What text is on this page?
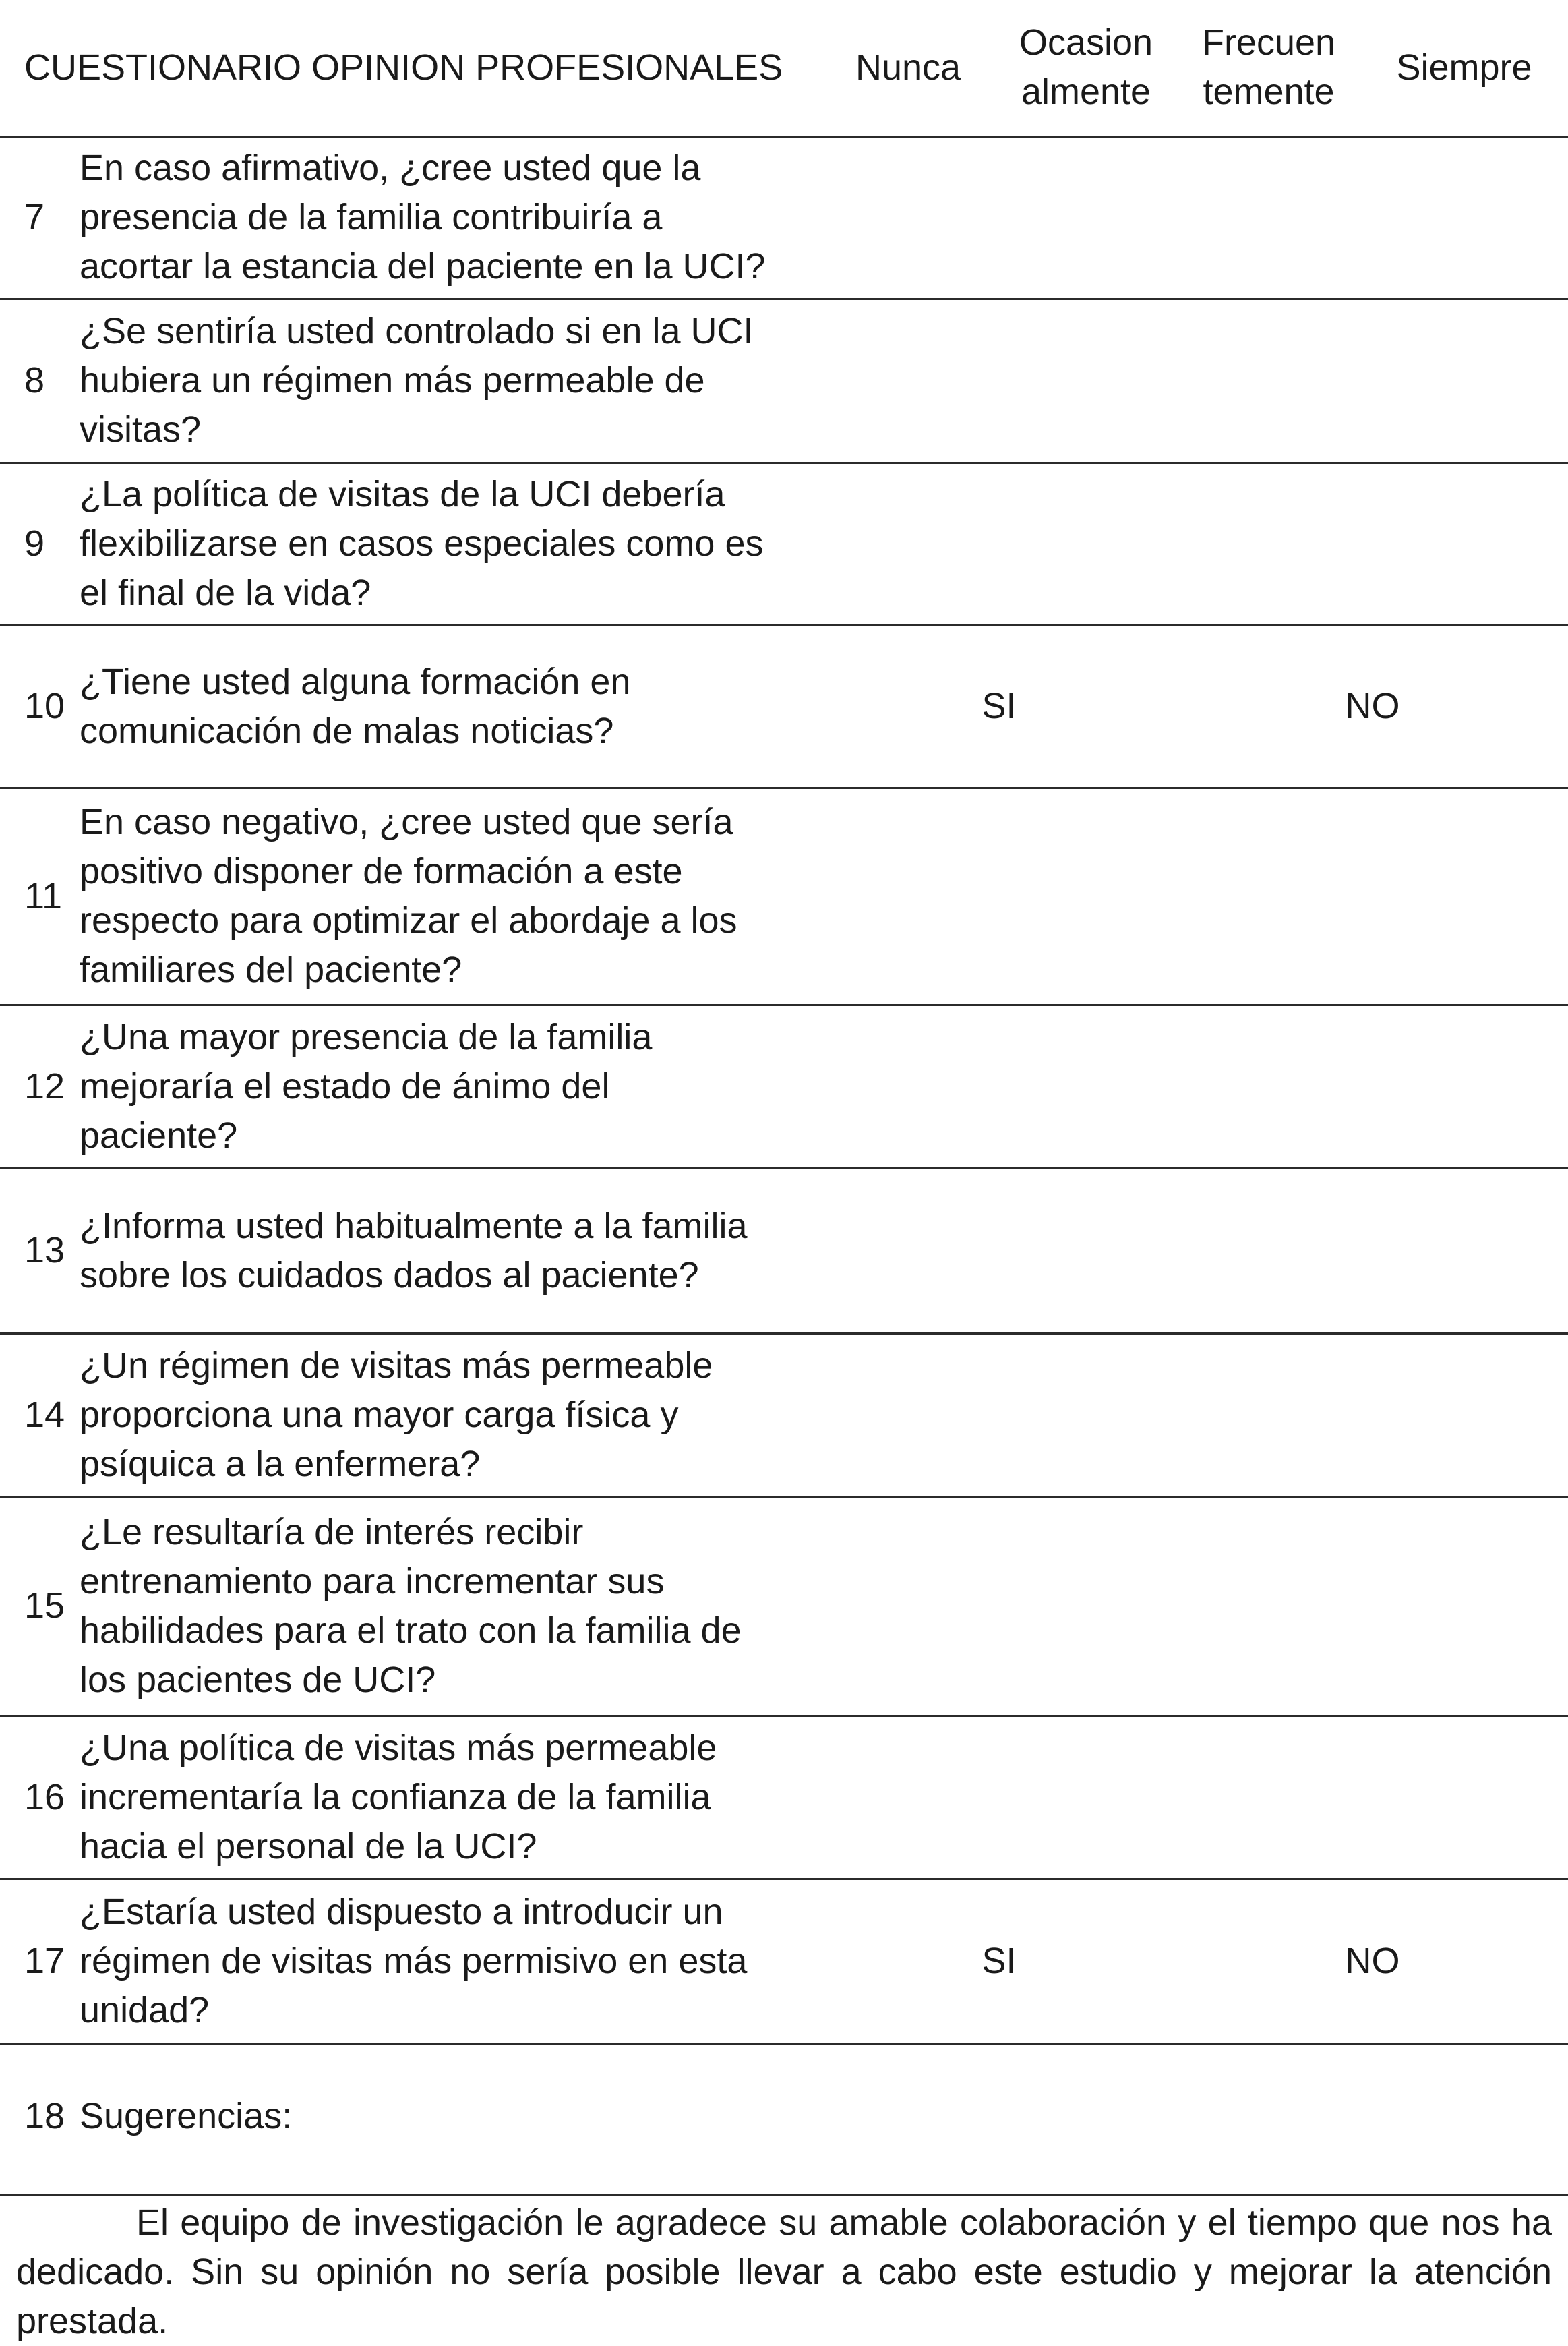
CUESTIONARIO OPINION PROFESIONALES		Nunca	Ocasion
almente	Frecuen
temente	Siempre
7	En caso afirmativo, ¿cree usted que la
presencia de la familia contribuiría a
acortar la estancia del paciente en la UCI?				
8	¿Se sentiría usted controlado si en la UCI
hubiera un régimen más permeable de
visitas?				
9	¿La política de visitas de la UCI debería
flexibilizarse en casos especiales como es
el final de la vida?				
10	¿Tiene usted alguna formación en
comunicación de malas noticias?	SI		NO	
11	En caso negativo, ¿cree usted que sería
positivo disponer de formación a este
respecto para optimizar el abordaje a los
familiares del paciente?				
12	¿Una mayor presencia de la familia
mejoraría el estado de ánimo del
paciente?				
13	¿Informa usted habitualmente a la familia
sobre los cuidados dados al paciente?				
14	¿Un régimen de visitas más permeable
proporciona una mayor carga física y
psíquica a la enfermera?				
15	¿Le resultaría de interés recibir
entrenamiento para incrementar sus
habilidades para el trato con la familia de
los pacientes de UCI?				
16	¿Una política de visitas más permeable
incrementaría la confianza de la familia
hacia el personal de la UCI?				
17	¿Estaría usted dispuesto a introducir un
régimen de visitas más permisivo en esta
unidad?	SI		NO	
18	Sugerencias:				

El equipo de investigación le agradece su amable colaboración y el tiempo que nos ha dedicado. Sin su opinión no sería posible llevar a cabo este estudio y mejorar la atención prestada.
